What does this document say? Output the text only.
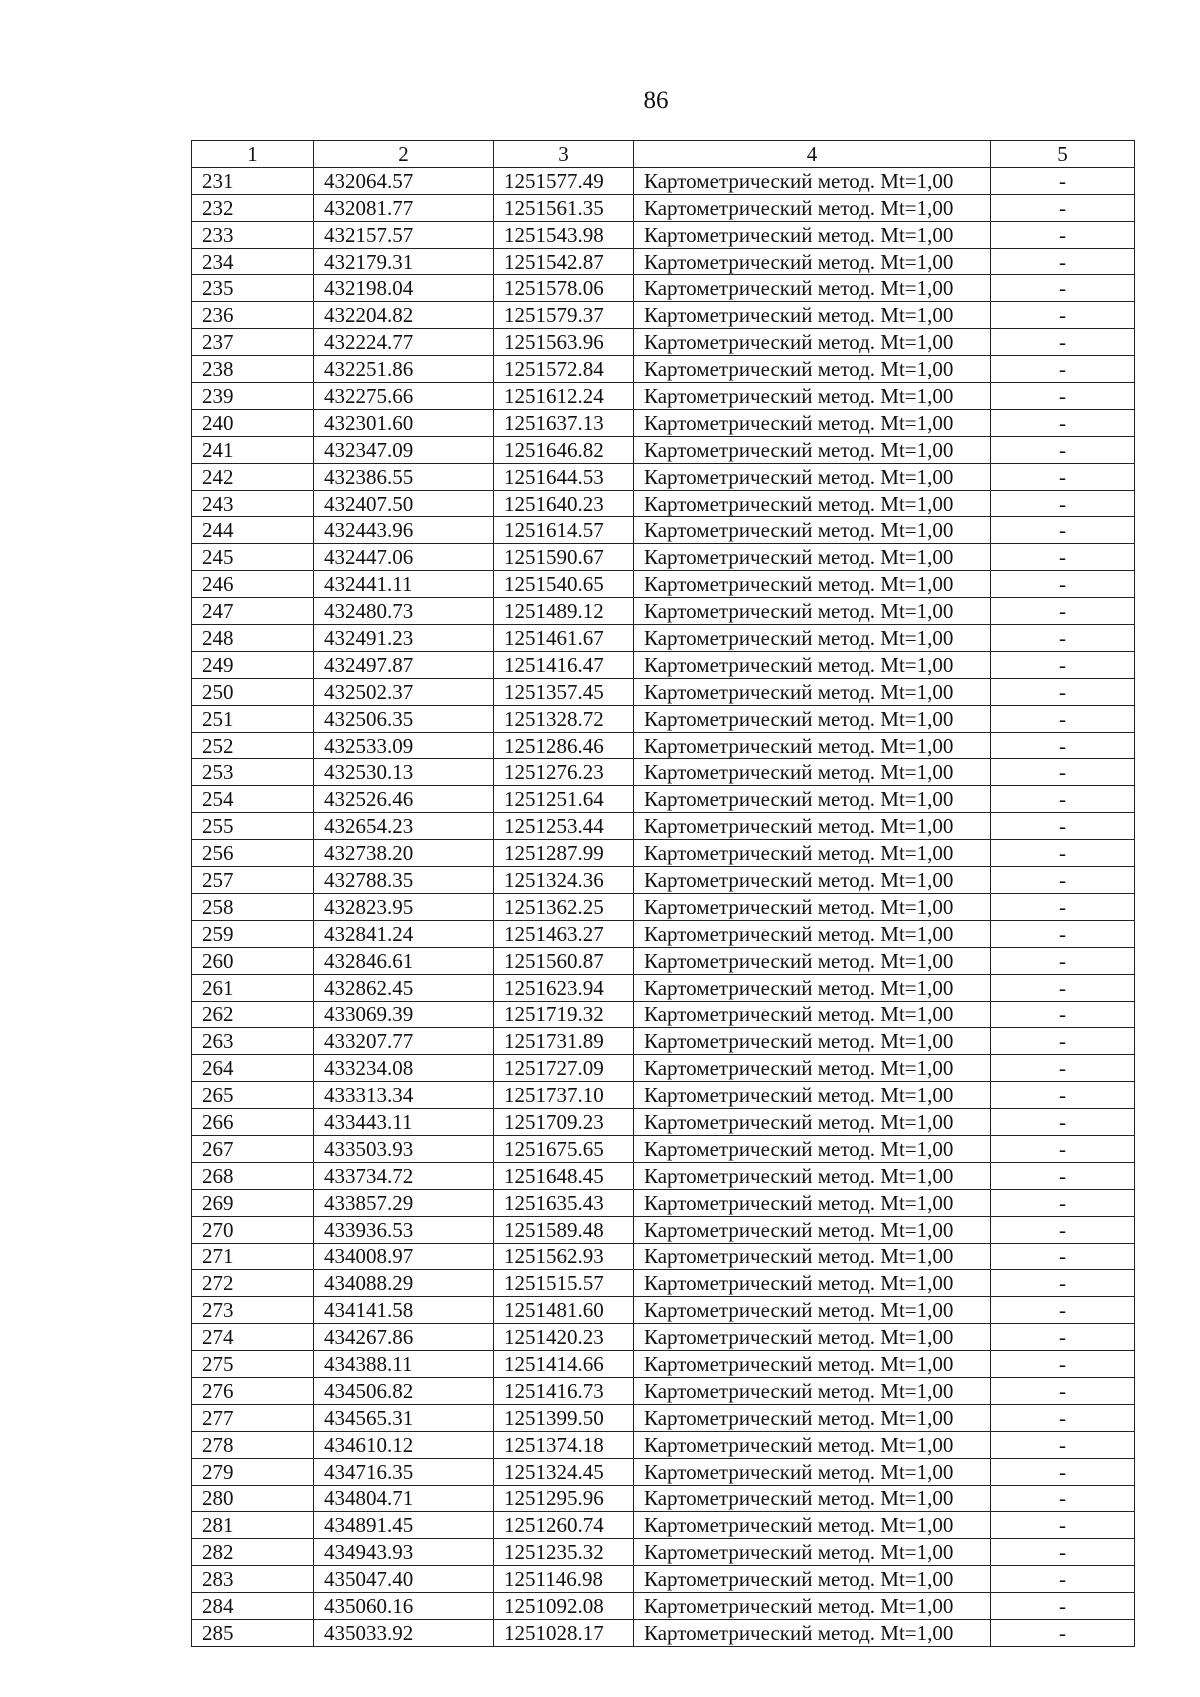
86
1	2	3	4	5
231	432064.57	1251577.49	Картометрический метод. Mt=1,00	-
232	432081.77	1251561.35	Картометрический метод. Mt=1,00	-
233	432157.57	1251543.98	Картометрический метод. Mt=1,00	-
234	432179.31	1251542.87	Картометрический метод. Mt=1,00	-
235	432198.04	1251578.06	Картометрический метод. Mt=1,00	-
236	432204.82	1251579.37	Картометрический метод. Mt=1,00	-
237	432224.77	1251563.96	Картометрический метод. Mt=1,00	-
238	432251.86	1251572.84	Картометрический метод. Mt=1,00	-
239	432275.66	1251612.24	Картометрический метод. Mt=1,00	-
240	432301.60	1251637.13	Картометрический метод. Mt=1,00	-
241	432347.09	1251646.82	Картометрический метод. Mt=1,00	-
242	432386.55	1251644.53	Картометрический метод. Mt=1,00	-
243	432407.50	1251640.23	Картометрический метод. Mt=1,00	-
244	432443.96	1251614.57	Картометрический метод. Mt=1,00	-
245	432447.06	1251590.67	Картометрический метод. Mt=1,00	-
246	432441.11	1251540.65	Картометрический метод. Mt=1,00	-
247	432480.73	1251489.12	Картометрический метод. Mt=1,00	-
248	432491.23	1251461.67	Картометрический метод. Mt=1,00	-
249	432497.87	1251416.47	Картометрический метод. Mt=1,00	-
250	432502.37	1251357.45	Картометрический метод. Mt=1,00	-
251	432506.35	1251328.72	Картометрический метод. Mt=1,00	-
252	432533.09	1251286.46	Картометрический метод. Mt=1,00	-
253	432530.13	1251276.23	Картометрический метод. Mt=1,00	-
254	432526.46	1251251.64	Картометрический метод. Mt=1,00	-
255	432654.23	1251253.44	Картометрический метод. Mt=1,00	-
256	432738.20	1251287.99	Картометрический метод. Mt=1,00	-
257	432788.35	1251324.36	Картометрический метод. Mt=1,00	-
258	432823.95	1251362.25	Картометрический метод. Mt=1,00	-
259	432841.24	1251463.27	Картометрический метод. Mt=1,00	-
260	432846.61	1251560.87	Картометрический метод. Mt=1,00	-
261	432862.45	1251623.94	Картометрический метод. Mt=1,00	-
262	433069.39	1251719.32	Картометрический метод. Mt=1,00	-
263	433207.77	1251731.89	Картометрический метод. Mt=1,00	-
264	433234.08	1251727.09	Картометрический метод. Mt=1,00	-
265	433313.34	1251737.10	Картометрический метод. Mt=1,00	-
266	433443.11	1251709.23	Картометрический метод. Mt=1,00	-
267	433503.93	1251675.65	Картометрический метод. Mt=1,00	-
268	433734.72	1251648.45	Картометрический метод. Mt=1,00	-
269	433857.29	1251635.43	Картометрический метод. Mt=1,00	-
270	433936.53	1251589.48	Картометрический метод. Mt=1,00	-
271	434008.97	1251562.93	Картометрический метод. Mt=1,00	-
272	434088.29	1251515.57	Картометрический метод. Mt=1,00	-
273	434141.58	1251481.60	Картометрический метод. Mt=1,00	-
274	434267.86	1251420.23	Картометрический метод. Mt=1,00	-
275	434388.11	1251414.66	Картометрический метод. Mt=1,00	-
276	434506.82	1251416.73	Картометрический метод. Mt=1,00	-
277	434565.31	1251399.50	Картометрический метод. Mt=1,00	-
278	434610.12	1251374.18	Картометрический метод. Mt=1,00	-
279	434716.35	1251324.45	Картометрический метод. Mt=1,00	-
280	434804.71	1251295.96	Картометрический метод. Mt=1,00	-
281	434891.45	1251260.74	Картометрический метод. Mt=1,00	-
282	434943.93	1251235.32	Картометрический метод. Mt=1,00	-
283	435047.40	1251146.98	Картометрический метод. Mt=1,00	-
284	435060.16	1251092.08	Картометрический метод. Mt=1,00	-
285	435033.92	1251028.17	Картометрический метод. Mt=1,00	-
